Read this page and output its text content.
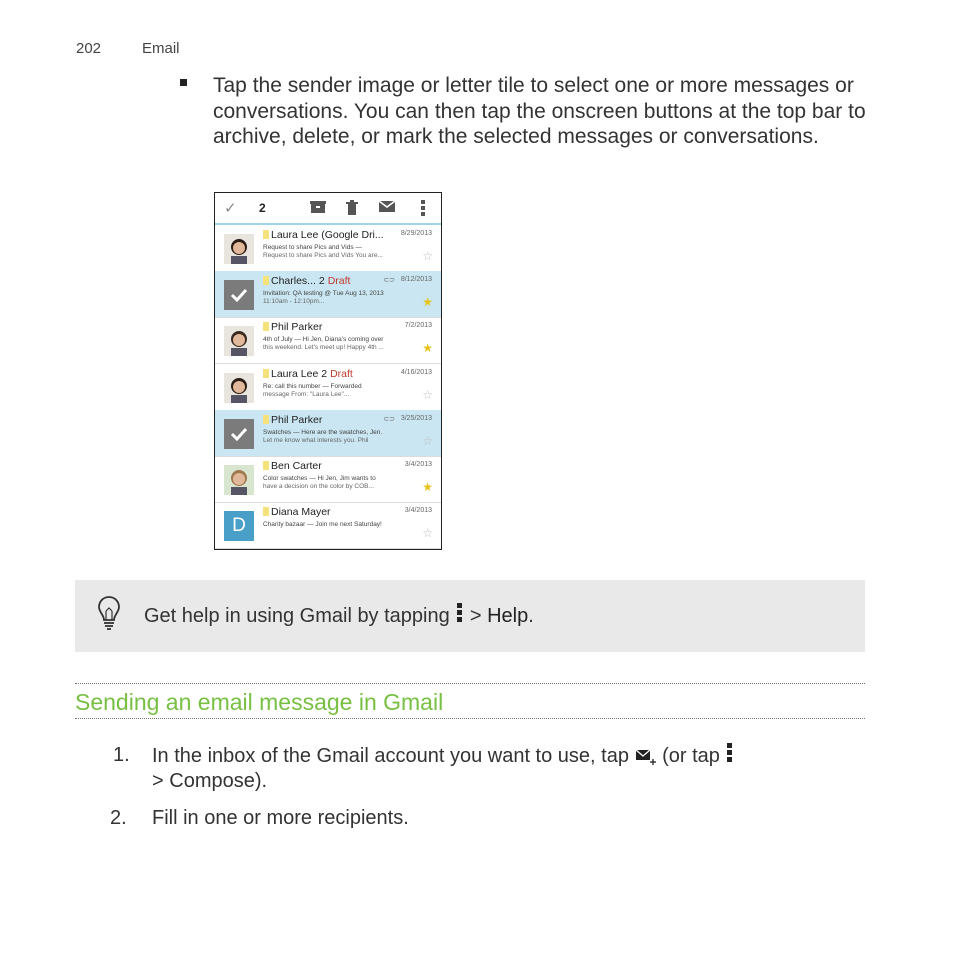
202	Email
Tap the sender image or letter tile to select one or more messages or conversations. You can then tap the onscreen buttons at the top bar to archive, delete, or mark the selected messages or conversations.
✓ 2
Laura Lee (Google Dri...	8/29/2013
Request to share Pics and Vids —
Request to share Pics and Vids You are...	☆
Charles... 2 Draft	⊂⊃ 8/12/2013
Invitation: QA testing @ Tue Aug 13, 2013
11:10am - 12:10pm...	★
Phil Parker	7/2/2013
4th of July — Hi Jen, Diana's coming over
this weekend. Let's meet up! Happy 4th ...	★
Laura Lee 2 Draft	4/16/2013
Re: call this number — Forwarded
message From: "Laura Lee"...	☆
Phil Parker	⊂⊃ 3/25/2013
Swatches — Here are the swatches, Jen.
Let me know what interests you. Phil	☆
Ben Carter	3/4/2013
Color swatches — Hi Jen, Jim wants to
have a decision on the color by COB...	★
D
Diana Mayer	3/4/2013
Charity bazaar — Join me next Saturday!
☆
Get help in using Gmail by tapping > Help.
Sending an email message in Gmail
1. In the inbox of the Gmail account you want to use, tap (or tap

> Compose).
2. Fill in one or more recipients.
